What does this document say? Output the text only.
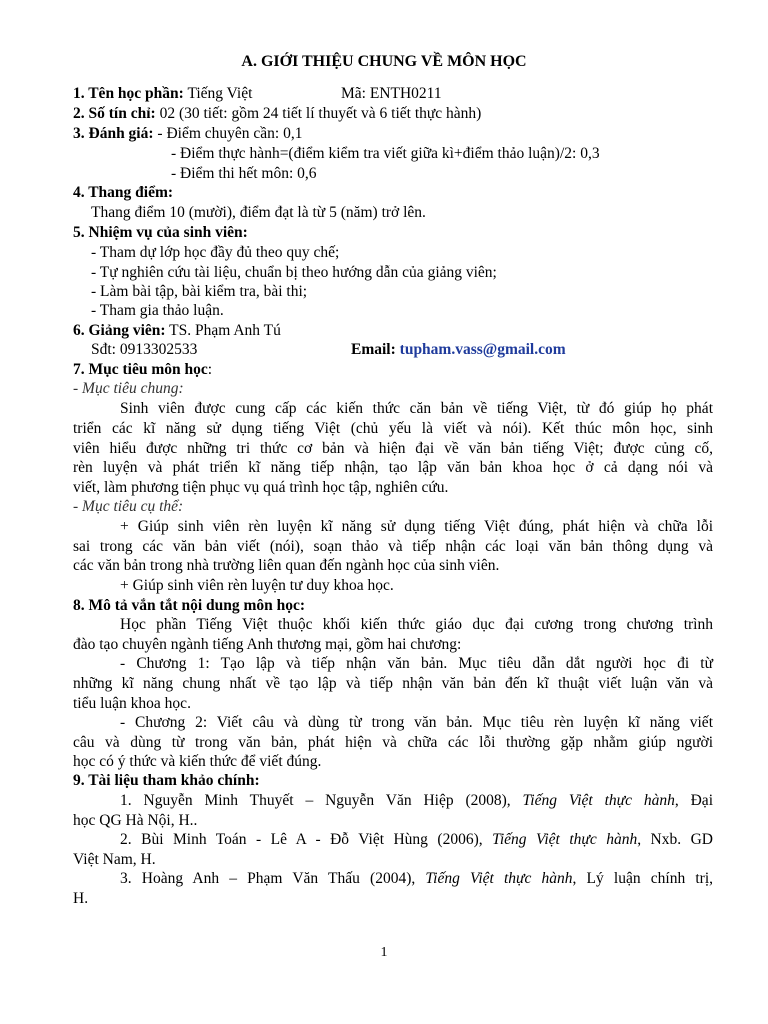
A. GIỚI THIỆU CHUNG VỀ MÔN HỌC
1. Tên học phần: Tiếng Việt	Mã: ENTH0211
2. Số tín chỉ: 02 (30 tiết: gồm 24 tiết lí thuyết và 6 tiết thực hành)
3. Đánh giá: - Điểm chuyên cần: 0,1
- Điểm thực hành=(điểm kiểm tra viết giữa kì+điểm thảo luận)/2: 0,3
- Điểm thi hết môn: 0,6
4. Thang điểm:
Thang điểm 10 (mười), điểm đạt là từ 5 (năm) trở lên.
5. Nhiệm vụ của sinh viên:
- Tham dự lớp học đầy đủ theo quy chế;
- Tự nghiên cứu tài liệu, chuẩn bị theo hướng dẫn của giảng viên;
- Làm bài tập, bài kiểm tra, bài thi;
- Tham gia thảo luận.
6. Giảng viên: TS. Phạm Anh Tú
Sđt: 0913302533	Email: tupham.vass@gmail.com
7. Mục tiêu môn học:
- Mục tiêu chung:
Sinh viên được cung cấp các kiến thức căn bản về tiếng Việt, từ đó giúp họ phát
triển các kĩ năng sử dụng tiếng Việt (chủ yếu là viết và nói). Kết thúc môn học, sinh
viên hiểu được những tri thức cơ bản và hiện đại về văn bản tiếng Việt; được củng cố,
rèn luyện và phát triển kĩ năng tiếp nhận, tạo lập văn bản khoa học ở cả dạng nói và
viết, làm phương tiện phục vụ quá trình học tập, nghiên cứu.
- Mục tiêu cụ thể:
+ Giúp sinh viên rèn luyện kĩ năng sử dụng tiếng Việt đúng, phát hiện và chữa lỗi
sai trong các văn bản viết (nói), soạn thảo và tiếp nhận các loại văn bản thông dụng và
các văn bản trong nhà trường liên quan đến ngành học của sinh viên.
+ Giúp sinh viên rèn luyện tư duy khoa học.
8. Mô tả vắn tắt nội dung môn học:
Học phần Tiếng Việt thuộc khối kiến thức giáo dục đại cương trong chương trình
đào tạo chuyên ngành tiếng Anh thương mại, gồm hai chương:
- Chương 1: Tạo lập và tiếp nhận văn bản. Mục tiêu dẫn dắt người học đi từ
những kĩ năng chung nhất về tạo lập và tiếp nhận văn bản đến kĩ thuật viết luận văn và
tiểu luận khoa học.
- Chương 2: Viết câu và dùng từ trong văn bản. Mục tiêu rèn luyện kĩ năng viết
câu và dùng từ trong văn bản, phát hiện và chữa các lỗi thường gặp nhằm giúp người
học có ý thức và kiến thức để viết đúng.
9. Tài liệu tham khảo chính:
1. Nguyễn Minh Thuyết – Nguyễn Văn Hiệp (2008), Tiếng Việt thực hành, Đại
học QG Hà Nội, H..
2. Bùi Minh Toán - Lê A - Đỗ Việt Hùng (2006), Tiếng Việt thực hành, Nxb. GD
Việt Nam, H.
3. Hoàng Anh – Phạm Văn Thấu (2004), Tiếng Việt thực hành, Lý luận chính trị,
H.
1
